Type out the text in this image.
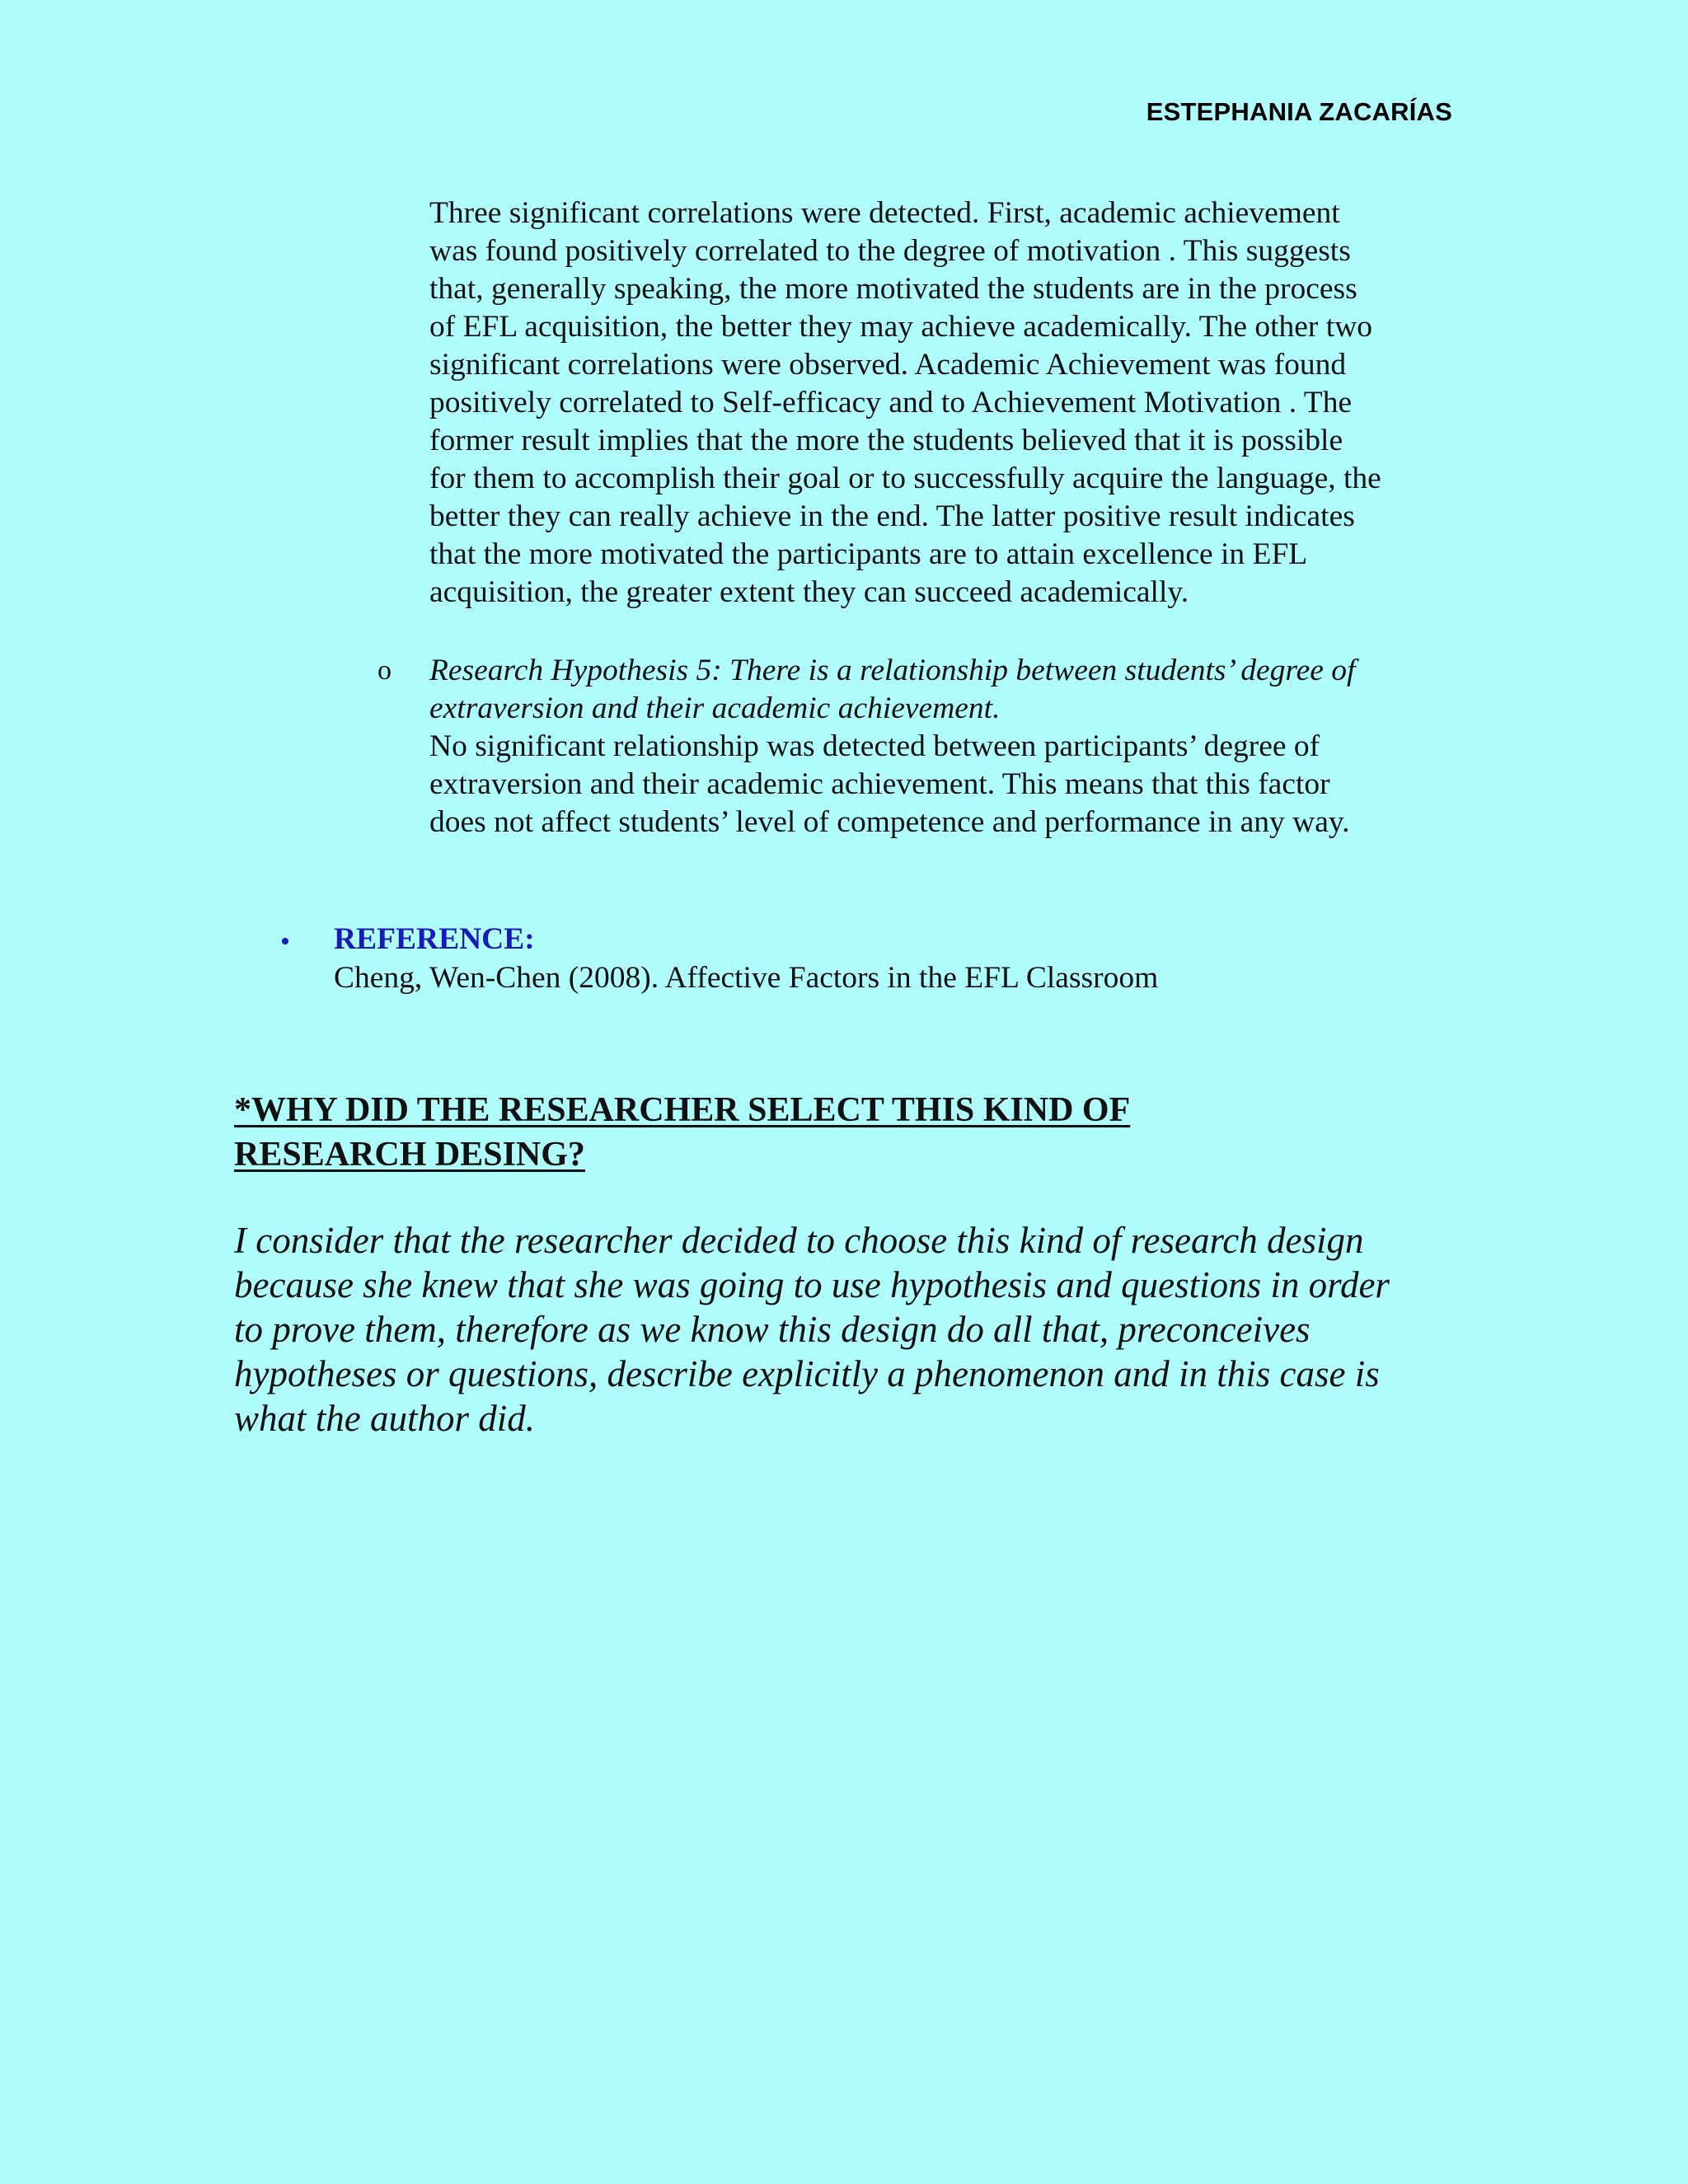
ESTEPHANIA ZACARÍAS

Three significant correlations were detected. First, academic achievement
was found positively correlated to the degree of motivation . This suggests
that, generally speaking, the more motivated the students are in the process
of EFL acquisition, the better they may achieve academically. The other two
significant correlations were observed. Academic Achievement was found
positively correlated to Self-efficacy and to Achievement Motivation . The
former result implies that the more the students believed that it is possible
for them to accomplish their goal or to successfully acquire the language, the
better they can really achieve in the end. The latter positive result indicates
that the more motivated the participants are to attain excellence in EFL
acquisition, the greater extent they can succeed academically.

o Research Hypothesis 5: There is a relationship between students’ degree of
extraversion and their academic achievement.
No significant relationship was detected between participants’ degree of
extraversion and their academic achievement. This means that this factor
does not affect students’ level of competence and performance in any way.

• REFERENCE:
Cheng, Wen-Chen (2008). Affective Factors in the EFL Classroom
*WHY DID THE RESEARCHER SELECT THIS KIND OF
RESEARCH DESING?

I consider that the researcher decided to choose this kind of research design
because she knew that she was going to use hypothesis and questions in order
to prove them, therefore as we know this design do all that, preconceives
hypotheses or questions, describe explicitly a phenomenon and in this case is
what the author did.
